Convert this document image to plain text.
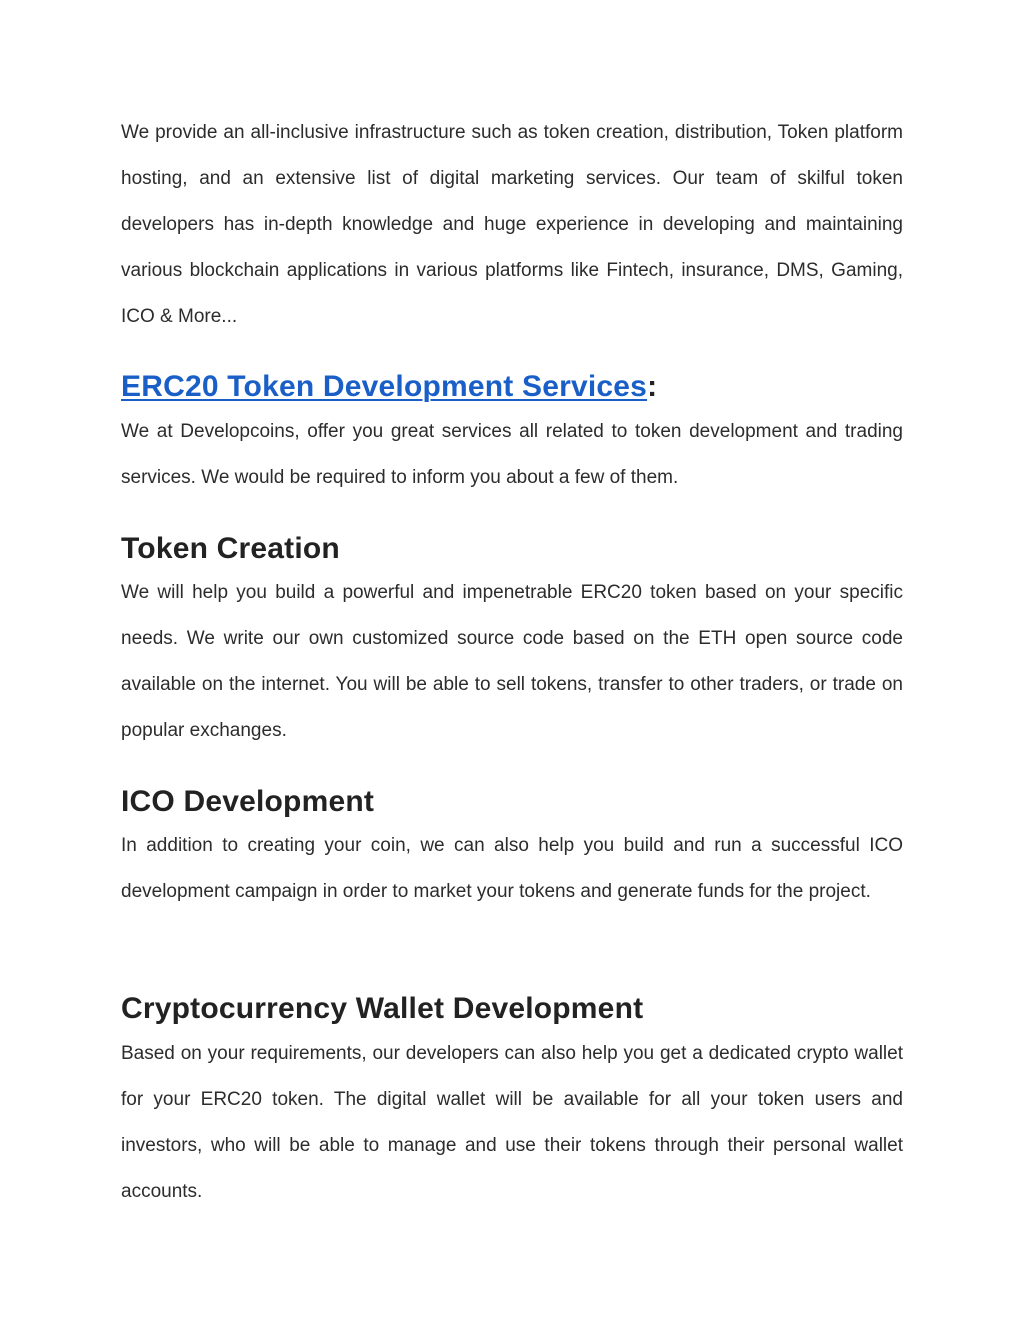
We provide an all-inclusive infrastructure such as token creation, distribution, Token platform hosting, and an extensive list of digital marketing services. Our team of skilful token developers has in-depth knowledge and huge experience in developing and maintaining various blockchain applications in various platforms like Fintech, insurance, DMS, Gaming, ICO & More...

ERC20 Token Development Services:

We at Developcoins, offer you great services all related to token development and trading services. We would be required to inform you about a few of them.

Token Creation

We will help you build a powerful and impenetrable ERC20 token based on your specific needs. We write our own customized source code based on the ETH open source code available on the internet. You will be able to sell tokens, transfer to other traders, or trade on popular exchanges.

ICO Development

In addition to creating your coin, we can also help you build and run a successful ICO development campaign in order to market your tokens and generate funds for the project.

Cryptocurrency Wallet Development

Based on your requirements, our developers can also help you get a dedicated crypto wallet for your ERC20 token. The digital wallet will be available for all your token users and investors, who will be able to manage and use their tokens through their personal wallet accounts.
